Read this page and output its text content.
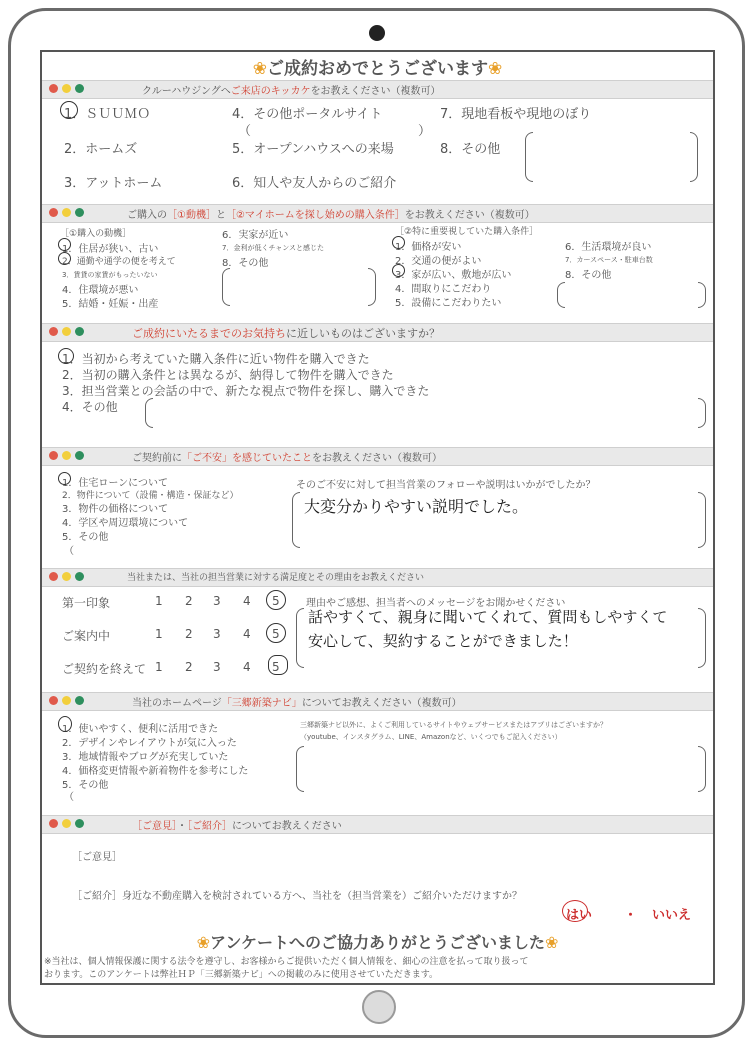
❀ご成約おめでとうございます❀
クルーハウジングへご来店のキッカケをお教えください（複数可）
1．ＳＵＵＭＯ
2．ホームズ
3．アットホーム
4．その他ポータルサイト
（	）
5．オープンハウスへの来場
6．知人や友人からのご紹介
7．現地看板や現地のぼり
8．その他
ご購入の［①動機］と［②マイホームを探し始めの購入条件］をお教えください（複数可）
［①購入の動機］
1．住居が狭い、古い
2．通勤や通学の便を考えて
3．賃貸の家賃がもったいない
4．住環境が悪い
5．結婚・妊娠・出産
6．実家が近い
7．金利が低くチャンスと感じた
8．その他
［②特に重要視していた購入条件］
1．価格が安い
2．交通の便がよい
3．家が広い、敷地が広い
4．間取りにこだわり
5．設備にこだわりたい
6．生活環境が良い
7．カースペース・駐車台数
8．その他
ご成約にいたるまでのお気持ちに近しいものはございますか？
1．当初から考えていた購入条件に近い物件を購入できた
2．当初の購入条件とは異なるが、納得して物件を購入できた
3．担当営業との会話の中で、新たな視点で物件を探し、購入できた
4．その他
ご契約前に「ご不安」を感じていたことをお教えください（複数可）
1．住宅ローンについて
2．物件について（設備・構造・保証など）
3．物件の価格について
4．学区や周辺環境について
5．その他
（
そのご不安に対して担当営業のフォローや説明はいかがでしたか？
大変分かりやすい説明でした。
当社または、当社の担当営業に対する満足度とその理由をお教えください
第一印象	1 2 3 4 5
ご案内中	1 2 3 4 5
ご契約を終えて 1 2 3 4 5
理由やご感想、担当者へのメッセージをお聞かせください
話やすくて、親身に聞いてくれて、質問もしやすくて
安心して、契約することができました！
当社のホームページ「三郷新築ナビ」についてお教えください（複数可）
1．使いやすく、便利に活用できた
2．デザインやレイアウトが気に入った
3．地域情報やブログが充実していた
4．価格変更情報や新着物件を参考にした
5．その他
（
三郷新築ナビ以外に、よくご利用しているサイトやウェブサービスまたはアプリはございますか？
（youtube、インスタグラム、LINE、Amazonなど、いくつでもご記入ください）
［ご意見］・［ご紹介］についてお教えください
［ご意見］
［ご紹介］身近な不動産購入を検討されている方へ、当社を（担当営業を）ご紹介いただけますか？
はい ・ いいえ
❀アンケートへのご協力ありがとうございました❀
※当社は、個人情報保護に関する法令を遵守し、お客様からご提供いただく個人情報を、細心の注意を払って取り扱って
おります。このアンケートは弊社ＨＰ「三郷新築ナビ」への掲載のみに使用させていただきます。
